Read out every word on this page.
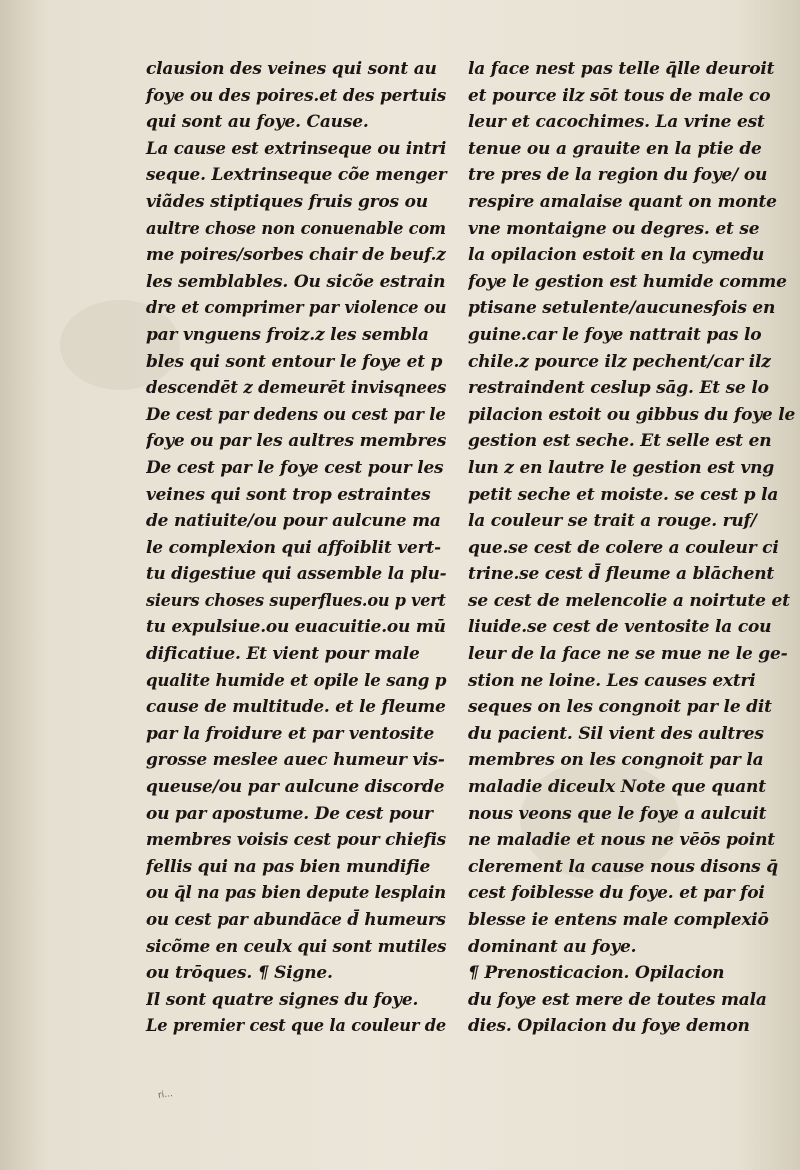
clausion des veines qui sont au
foye ou des poires.et des pertuis
qui sont au foye. Cause.
La cause est extrinseque ou intri
seque. Lextrinseque cõe menger
viãdes stiptiques fruis gros ou
aultre chose non conuenable com
me poires/sorbes chair de beuf.z
les semblables. Ou sicõe estrain
dre et comprimer par violence ou
par vnguens froiz.z les sembla
bles qui sont entour le foye et p
descendēt z demeurēt invisqnees
De cest par dedens ou cest par le
foye ou par les aultres membres
De cest par le foye cest pour les
veines qui sont trop estraintes
de natiuite/ou pour aulcune ma
le complexion qui affoiblit vert-
tu digestiue qui assemble la plu-
sieurs choses superflues.ou p vert
tu expulsiue.ou euacuitie.ou mū
dificatiue. Et vient pour male
qualite humide et opile le sang p
cause de multitude. et le fleume
par la froidure et par ventosite
grosse meslee auec humeur vis-
queuse/ou par aulcune discorde
ou par apostume. De cest pour
membres voisis cest pour chiefis
fellis qui na pas bien mundifie
ou q̄l na pas bien depute lesplain
ou cest par abundāce d̄ humeurs
sicõme en ceulx qui sont mutiles
ou trōques. ¶ Signe.
Il sont quatre signes du foye.
Le premier cest que la couleur de
la face nest pas telle q̄lle deuroit
et pource ilz sōt tous de male co
leur et cacochimes. La vrine est
tenue ou a grauite en la ptie de
tre pres de la region du foye/ ou
respire amalaise quant on monte
vne montaigne ou degres. et se
la opilacion estoit en la cymedu
foye le gestion est humide comme
ptisane setulente/aucunesfois en
guine.car le foye nattrait pas lo
chile.z pource ilz pechent/car ilz
restraindent ceslup sāg. Et se lo
pilacion estoit ou gibbus du foye le
gestion est seche. Et selle est en
lun z en lautre le gestion est vng
petit seche et moiste. se cest p la
la couleur se trait a rouge. ruf/
que.se cest de colere a couleur ci
trine.se cest d̄ fleume a blāchent
se cest de melencolie a noirtute et
liuide.se cest de ventosite la cou
leur de la face ne se mue ne le ge-
stion ne loine. Les causes extri
seques on les congnoit par le dit
du pacient. Sil vient des aultres
membres on les congnoit par la
maladie diceulx Note que quant
nous veons que le foye a aulcuit
ne maladie et nous ne vēōs point
clerement la cause nous disons q̄
cest foiblesse du foye. et par foi
blesse ie entens male complexiō
dominant au foye.
¶ Prenosticacion. Opilacion
du foye est mere de toutes mala
dies. Opilacion du foye demon
ri...
